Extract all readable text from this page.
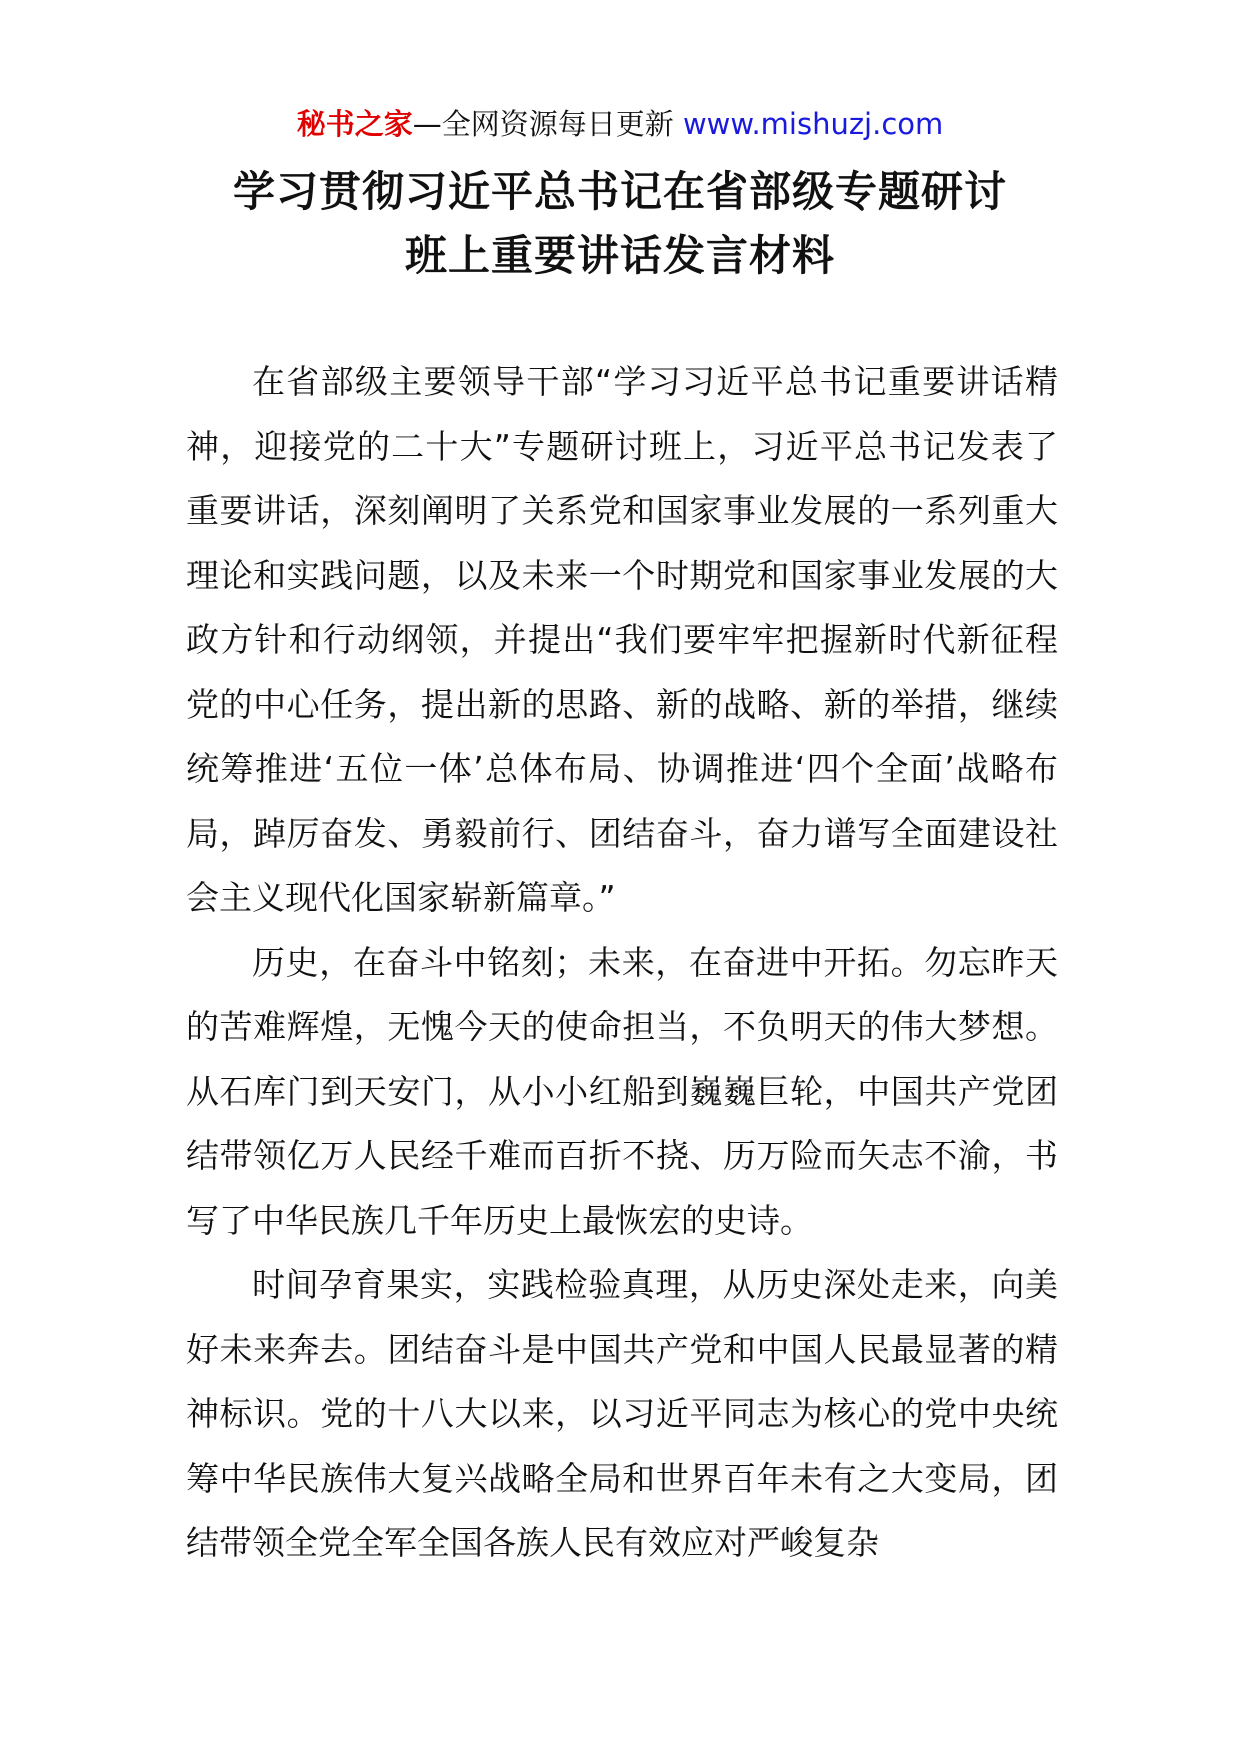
秘书之家—全网资源每日更新 www.mishuzj.com
学习贯彻习近平总书记在省部级专题研讨
班上重要讲话发言材料

在省部级主要领导干部“学习习近平总书记重要讲话精神，迎接党的二十大”专题研讨班上，习近平总书记发表了重要讲话，深刻阐明了关系党和国家事业发展的一系列重大理论和实践问题，以及未来一个时期党和国家事业发展的大政方针和行动纲领，并提出“我们要牢牢把握新时代新征程党的中心任务，提出新的思路、新的战略、新的举措，继续统筹推进‘五位一体’总体布局、协调推进‘四个全面’战略布局，踔厉奋发、勇毅前行、团结奋斗，奋力谱写全面建设社会主义现代化国家崭新篇章。”

历史，在奋斗中铭刻；未来，在奋进中开拓。勿忘昨天的苦难辉煌，无愧今天的使命担当，不负明天的伟大梦想。从石库门到天安门，从小小红船到巍巍巨轮，中国共产党团结带领亿万人民经千难而百折不挠、历万险而矢志不渝，书写了中华民族几千年历史上最恢宏的史诗。

时间孕育果实，实践检验真理，从历史深处走来，向美好未来奔去。团结奋斗是中国共产党和中国人民最显著的精神标识。党的十八大以来，以习近平同志为核心的党中央统筹中华民族伟大复兴战略全局和世界百年未有之大变局，团结带领全党全军全国各族人民有效应对严峻复杂
